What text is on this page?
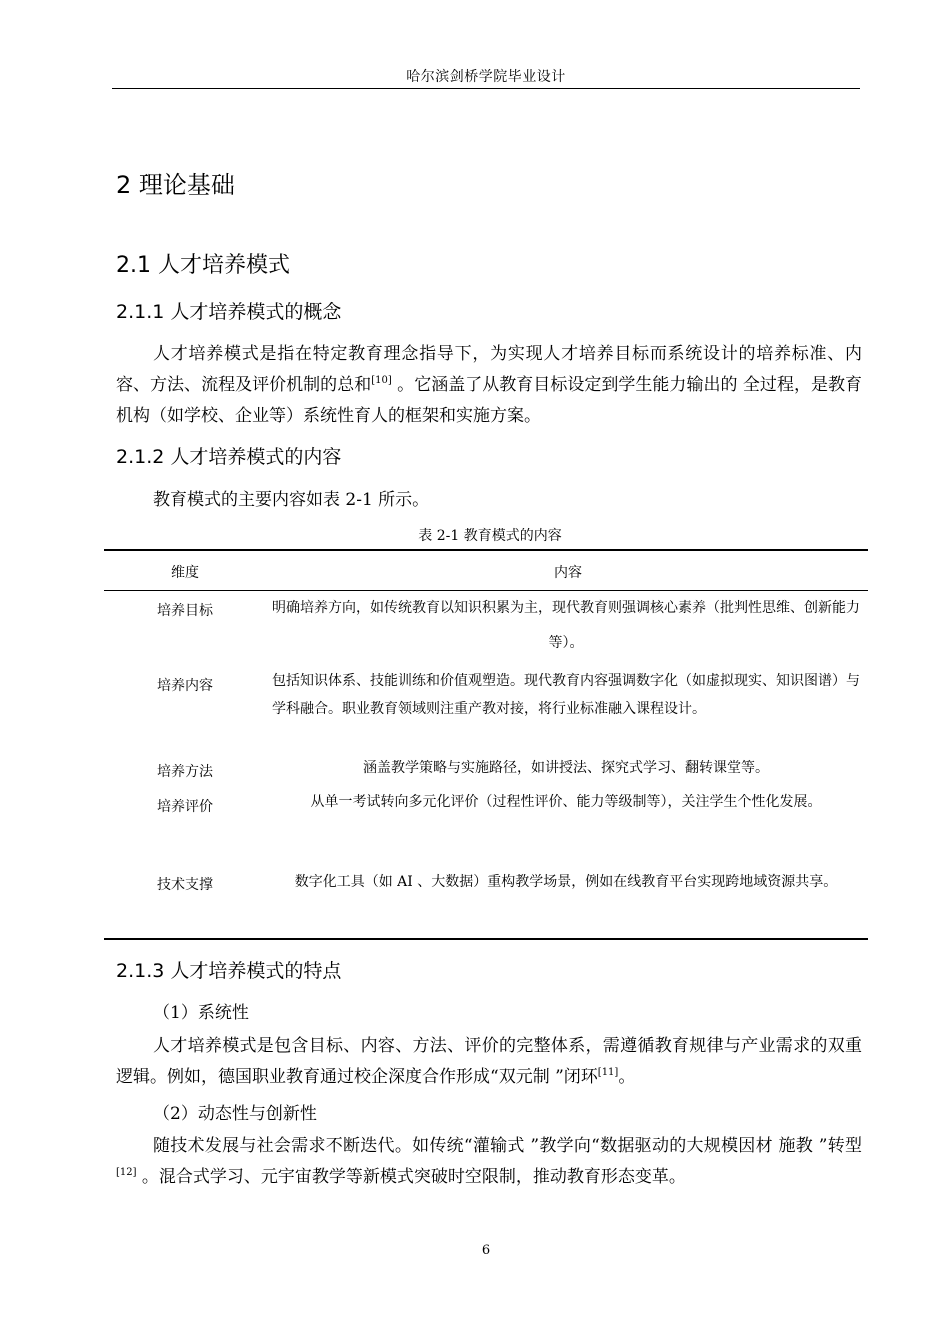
哈尔滨剑桥学院毕业设计
2 理论基础
2.1 人才培养模式
2.1.1 人才培养模式的概念
人才培养模式是指在特定教育理念指导下，为实现人才培养目标而系统设计的培养标准、内容、方法、流程及评价机制的总和[10] 。它涵盖了从教育目标设定到学生能力输出的 全过程，是教育机构（如学校、企业等）系统性育人的框架和实施方案。
2.1.2 人才培养模式的内容
教育模式的主要内容如表 2-1 所示。
表 2-1 教育模式的内容
维度	内容
培养目标	明确培养方向，如传统教育以知识积累为主，现代教育则强调核心素养（批判性思维、创新能力等）。
培养内容	包括知识体系、技能训练和价值观塑造。现代教育内容强调数字化（如虚拟现实、知识图谱）与学科融合。职业教育领域则注重产教对接，将行业标准融入课程设计。
培养方法	涵盖教学策略与实施路径，如讲授法、探究式学习、翻转课堂等。
培养评价	从单一考试转向多元化评价（过程性评价、能力等级制等），关注学生个性化发展。
技术支撑	数字化工具（如 AI 、大数据）重构教学场景，例如在线教育平台实现跨地域资源共享。
2.1.3 人才培养模式的特点
（1）系统性
人才培养模式是包含目标、内容、方法、评价的完整体系，需遵循教育规律与产业需求的双重逻辑。例如，德国职业教育通过校企深度合作形成“双元制 ”闭环[11]。
（2）动态性与创新性
随技术发展与社会需求不断迭代。如传统“灌输式 ”教学向“数据驱动的大规模因材 施教 ”转型[12] 。混合式学习、元宇宙教学等新模式突破时空限制，推动教育形态变革。
6
